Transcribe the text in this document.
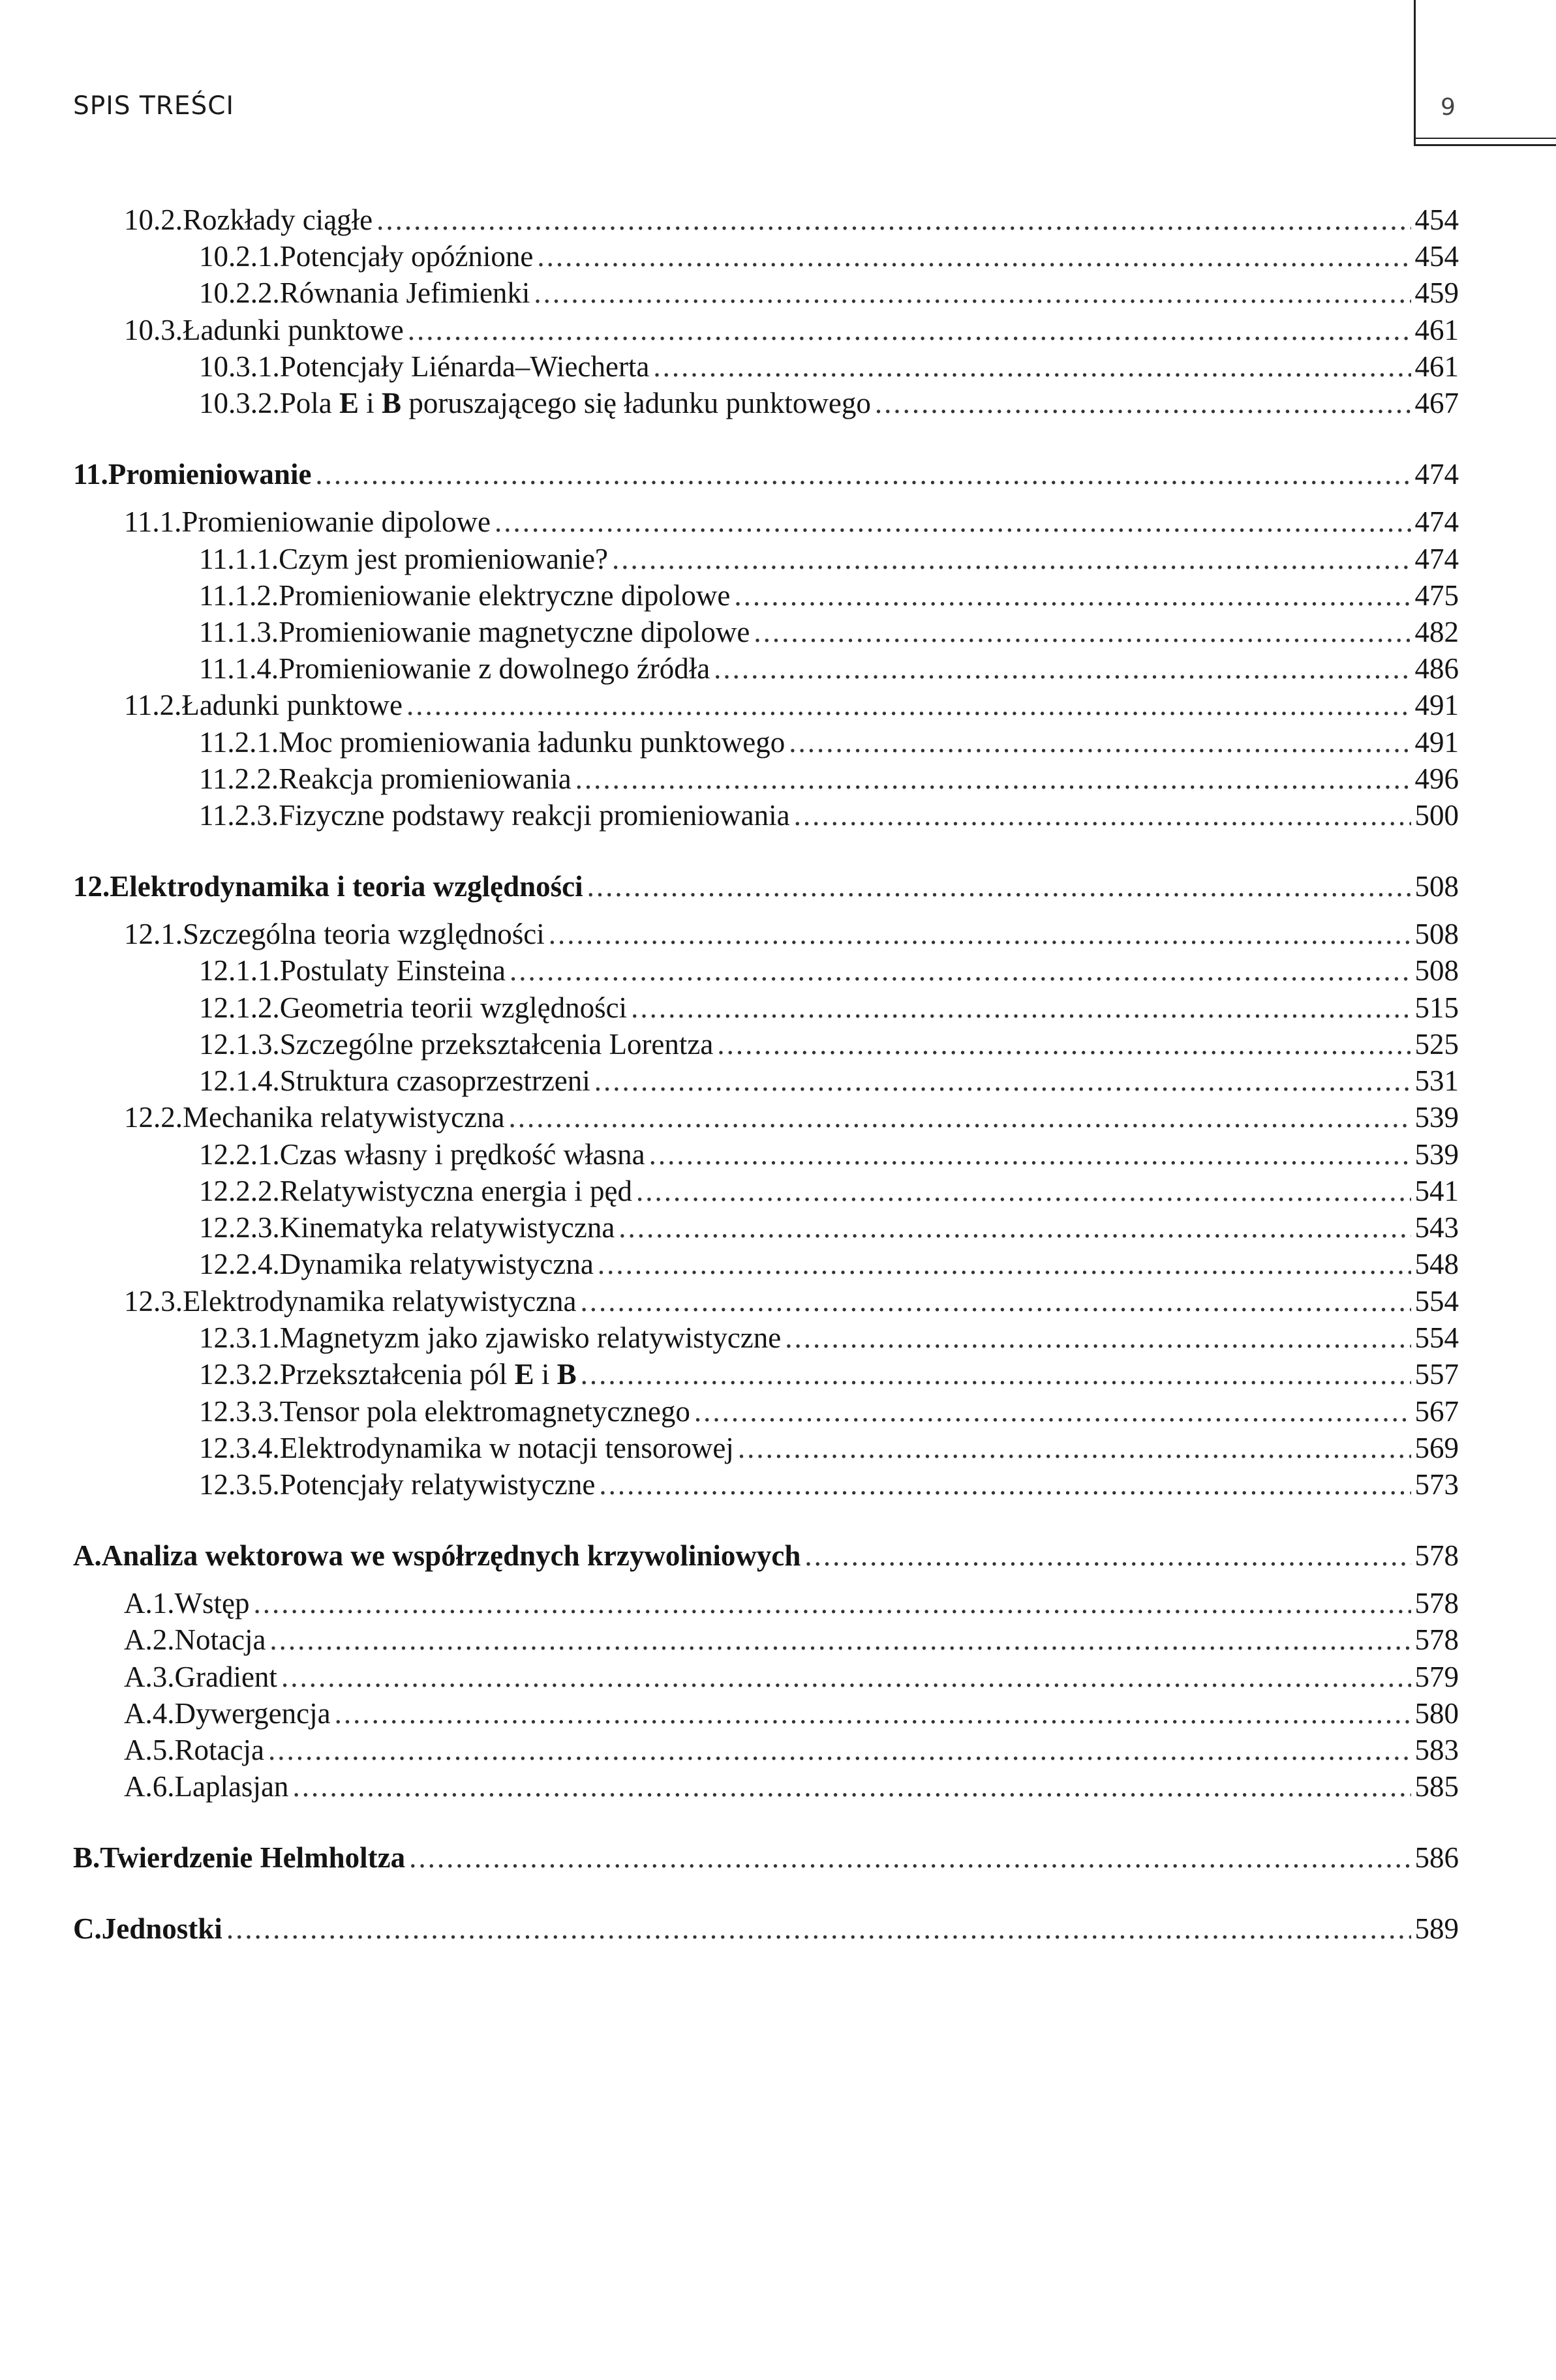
SPIS TREŚCI	9
10.2. Rozkłady ciągłe .....	454
10.2.1. Potencjały opóźnione .....	454
10.2.2. Równania Jefimienki .....	459
10.3. Ładunki punktowe .....	461
10.3.1. Potencjały Liénarda–Wiecherta .....	461
10.3.2. Pola E i B poruszającego się ładunku punktowego .....	467
11. Promieniowanie .....	474
11.1. Promieniowanie dipolowe .....	474
11.1.1. Czym jest promieniowanie? .....	474
11.1.2. Promieniowanie elektryczne dipolowe .....	475
11.1.3. Promieniowanie magnetyczne dipolowe .....	482
11.1.4. Promieniowanie z dowolnego źródła .....	486
11.2. Ładunki punktowe .....	491
11.2.1. Moc promieniowania ładunku punktowego .....	491
11.2.2. Reakcja promieniowania .....	496
11.2.3. Fizyczne podstawy reakcji promieniowania .....	500
12. Elektrodynamika i teoria względności .....	508
12.1. Szczególna teoria względności .....	508
12.1.1. Postulaty Einsteina .....	508
12.1.2. Geometria teorii względności .....	515
12.1.3. Szczególne przekształcenia Lorentza .....	525
12.1.4. Struktura czasoprzestrzeni .....	531
12.2. Mechanika relatywistyczna .....	539
12.2.1. Czas własny i prędkość własna .....	539
12.2.2. Relatywistyczna energia i pęd .....	541
12.2.3. Kinematyka relatywistyczna .....	543
12.2.4. Dynamika relatywistyczna .....	548
12.3. Elektrodynamika relatywistyczna .....	554
12.3.1. Magnetyzm jako zjawisko relatywistyczne .....	554
12.3.2. Przekształcenia pól E i B .....	557
12.3.3. Tensor pola elektromagnetycznego .....	567
12.3.4. Elektrodynamika w notacji tensorowej .....	569
12.3.5. Potencjały relatywistyczne .....	573
A. Analiza wektorowa we współrzędnych krzywoliniowych .....	578
A.1. Wstęp .....	578
A.2. Notacja .....	578
A.3. Gradient .....	579
A.4. Dywergencja .....	580
A.5. Rotacja .....	583
A.6. Laplasjan .....	585
B. Twierdzenie Helmholtza .....	586
C. Jednostki .....	589
